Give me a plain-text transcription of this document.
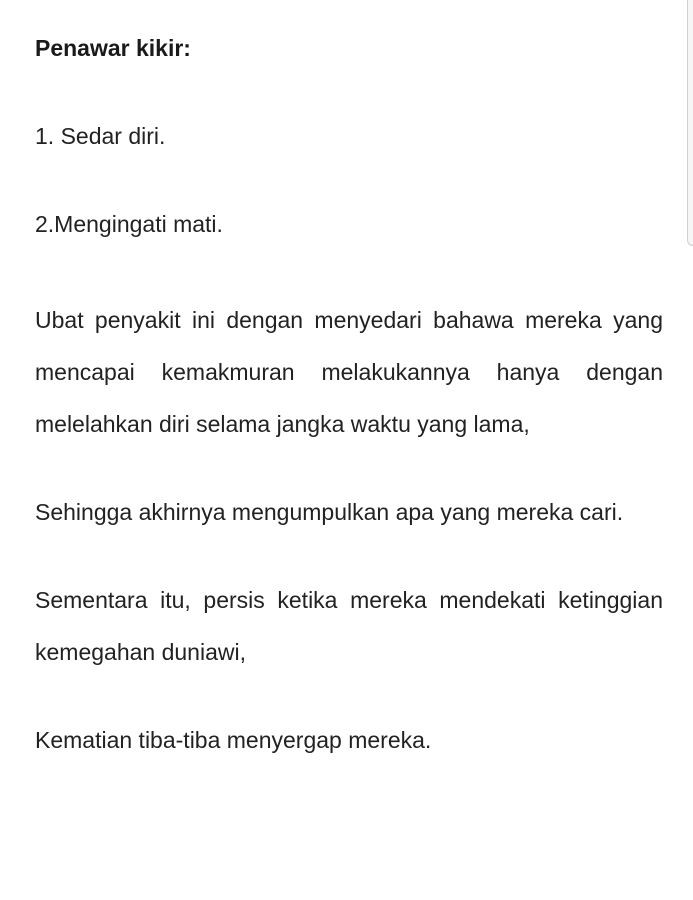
Penawar kikir:

1. Sedar diri.

2.Mengingati mati.

Ubat penyakit ini dengan menyedari bahawa mereka yang mencapai kemakmuran melakukannya hanya dengan melelahkan diri selama jangka waktu yang lama,

Sehingga akhirnya mengumpulkan apa yang mereka cari.

Sementara itu, persis ketika mereka mendekati ketinggian kemegahan duniawi,

Kematian tiba-tiba menyergap mereka.
